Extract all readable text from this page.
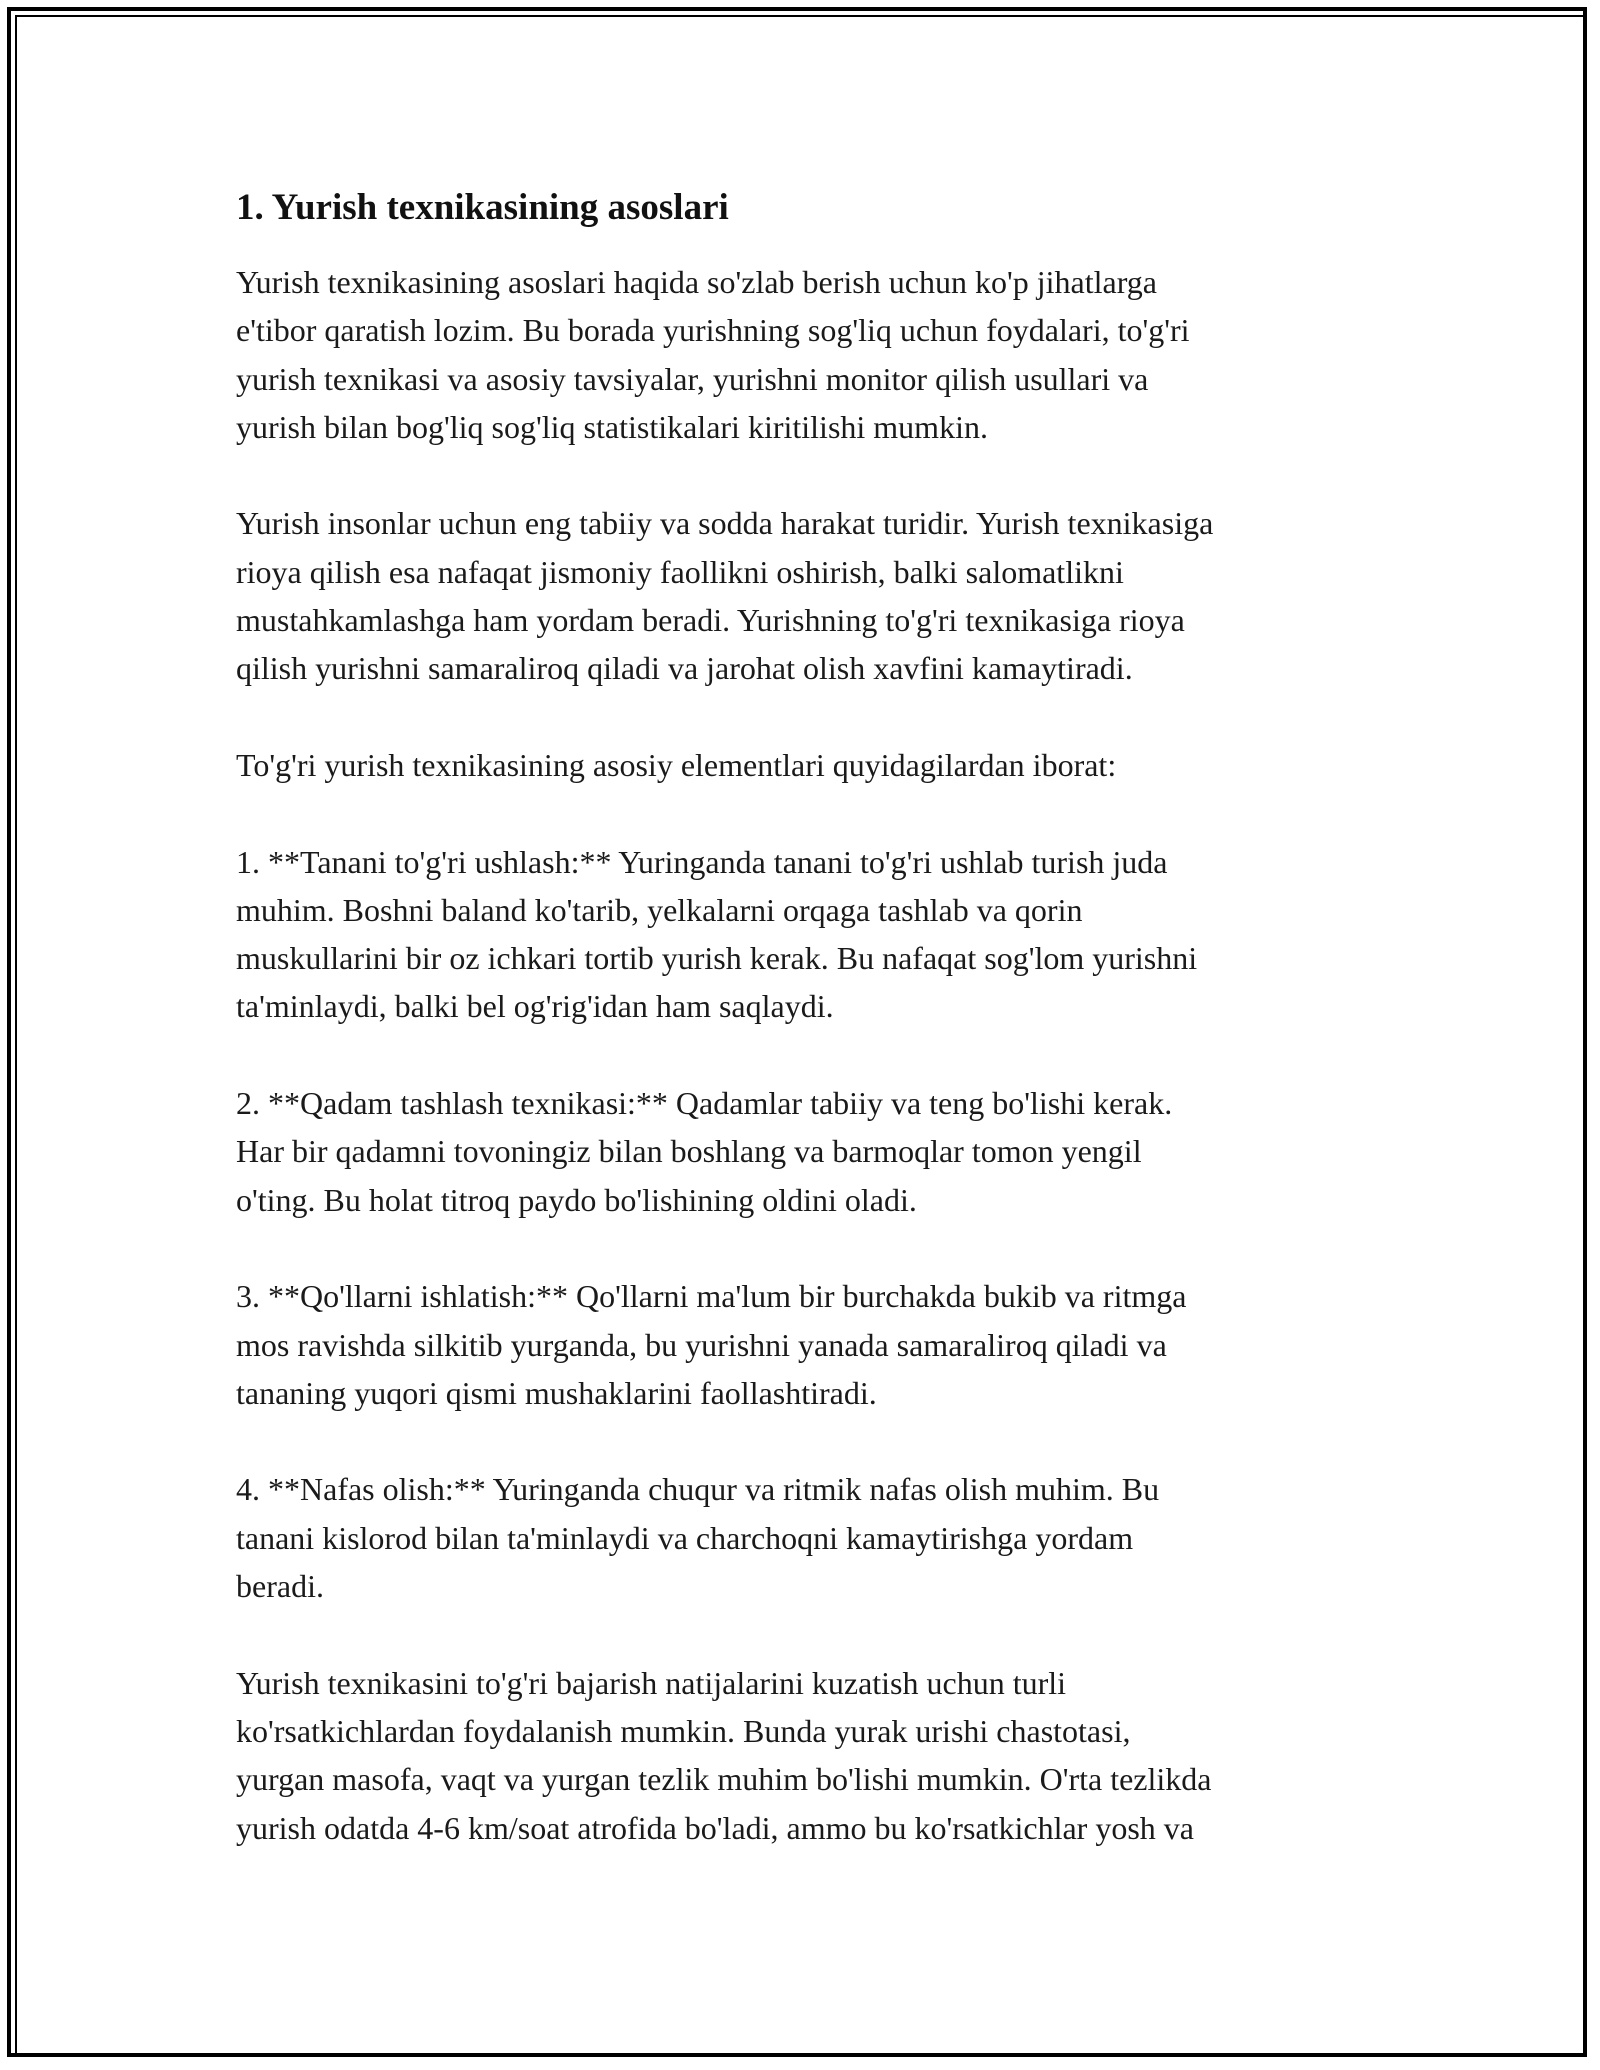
1. Yurish texnikasining asoslari
Yurish texnikasining asoslari haqida so'zlab berish uchun ko'p jihatlarga
e'tibor qaratish lozim. Bu borada yurishning sog'liq uchun foydalari, to'g'ri
yurish texnikasi va asosiy tavsiyalar, yurishni monitor qilish usullari va
yurish bilan bog'liq sog'liq statistikalari kiritilishi mumkin.
Yurish insonlar uchun eng tabiiy va sodda harakat turidir. Yurish texnikasiga
rioya qilish esa nafaqat jismoniy faollikni oshirish, balki salomatlikni
mustahkamlashga ham yordam beradi. Yurishning to'g'ri texnikasiga rioya
qilish yurishni samaraliroq qiladi va jarohat olish xavfini kamaytiradi.
To'g'ri yurish texnikasining asosiy elementlari quyidagilardan iborat:
1. **Tanani to'g'ri ushlash:** Yuringanda tanani to'g'ri ushlab turish juda
muhim. Boshni baland ko'tarib, yelkalarni orqaga tashlab va qorin
muskullarini bir oz ichkari tortib yurish kerak. Bu nafaqat sog'lom yurishni
ta'minlaydi, balki bel og'rig'idan ham saqlaydi.
2. **Qadam tashlash texnikasi:** Qadamlar tabiiy va teng bo'lishi kerak.
Har bir qadamni tovoningiz bilan boshlang va barmoqlar tomon yengil
o'ting. Bu holat titroq paydo bo'lishining oldini oladi.
3. **Qo'llarni ishlatish:** Qo'llarni ma'lum bir burchakda bukib va ritmga
mos ravishda silkitib yurganda, bu yurishni yanada samaraliroq qiladi va
tananing yuqori qismi mushaklarini faollashtiradi.
4. **Nafas olish:** Yuringanda chuqur va ritmik nafas olish muhim. Bu
tanani kislorod bilan ta'minlaydi va charchoqni kamaytirishga yordam
beradi.
Yurish texnikasini to'g'ri bajarish natijalarini kuzatish uchun turli
ko'rsatkichlardan foydalanish mumkin. Bunda yurak urishi chastotasi,
yurgan masofa, vaqt va yurgan tezlik muhim bo'lishi mumkin. O'rta tezlikda
yurish odatda 4-6 km/soat atrofida bo'ladi, ammo bu ko'rsatkichlar yosh va
